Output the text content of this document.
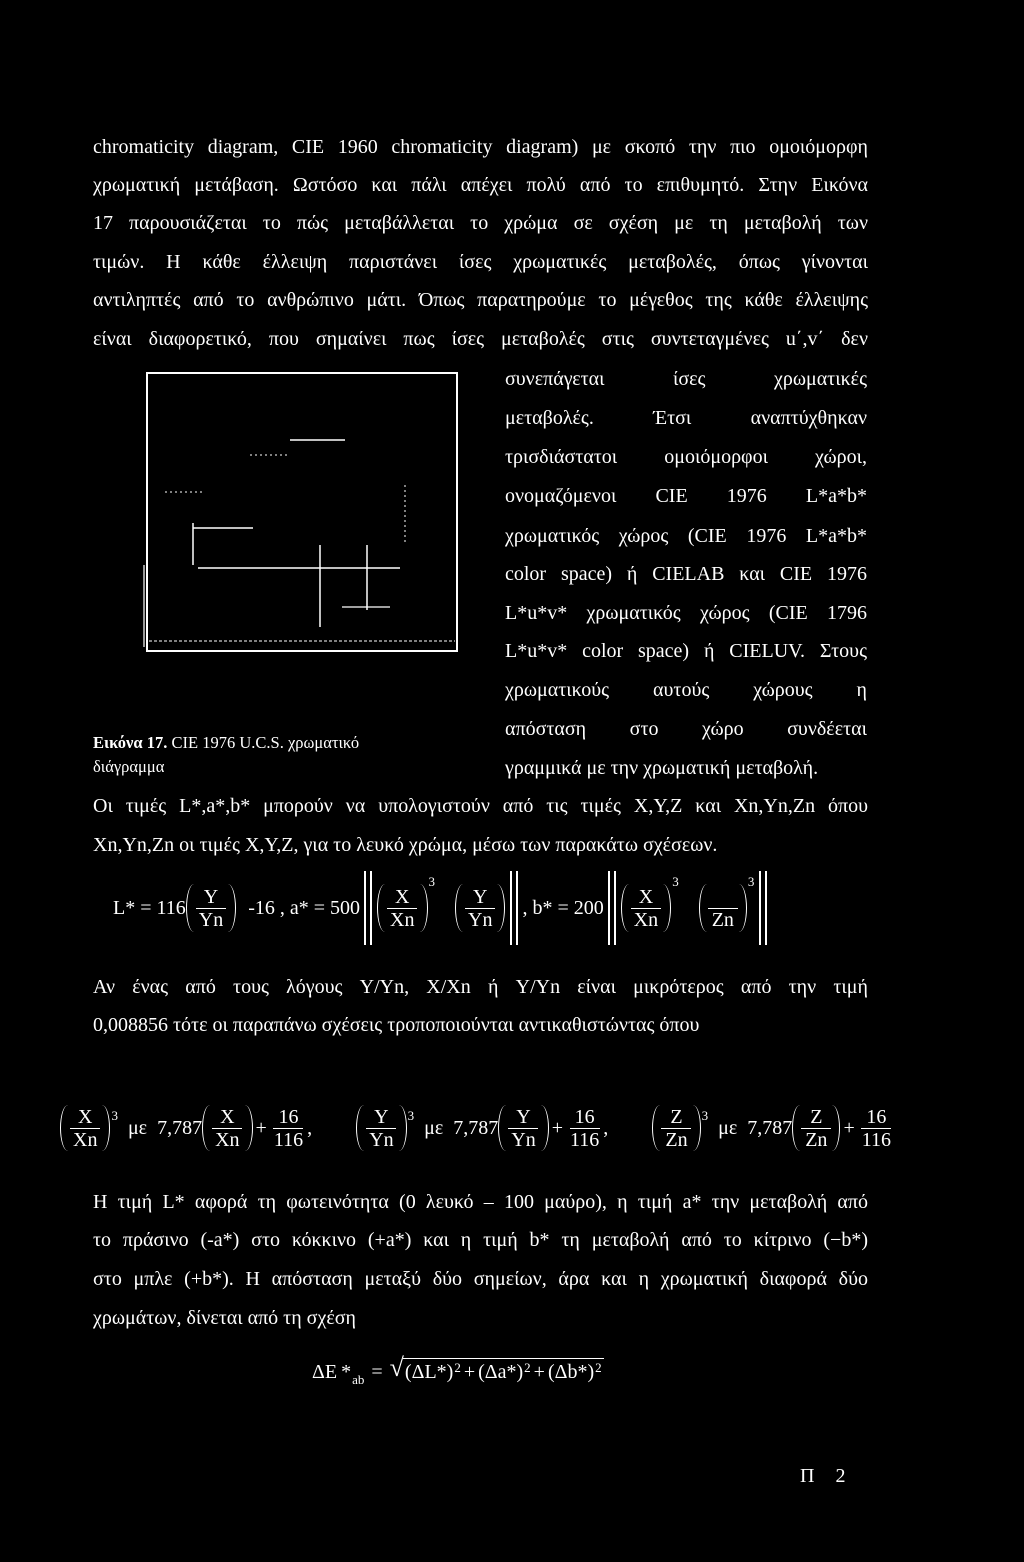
chromaticity diagram, CIE 1960 chromaticity diagram) με σκοπό την πιο ομοιόμορφη
χρωματική μετάβαση. Ωστόσο και πάλι απέχει πολύ από το επιθυμητό. Στην Εικόνα
17 παρουσιάζεται το πώς μεταβάλλεται το χρώμα σε σχέση με τη μεταβολή των
τιμών. Η κάθε έλλειψη παριστάνει ίσες χρωματικές μεταβολές, όπως γίνονται
αντιληπτές από το ανθρώπινο μάτι. Όπως παρατηρούμε το μέγεθος της κάθε έλλειψης
είναι διαφορετικό, που σημαίνει πως ίσες μεταβολές στις συντεταγμένες u΄,v΄ δεν
συνεπάγεται ίσες χρωματικές
μεταβολές. Έτσι αναπτύχθηκαν
τρισδιάστατοι ομοιόμορφοι χώροι,
ονομαζόμενοι CIE 1976 L*a*b*
χρωματικός χώρος (CIE 1976 L*a*b*
color space) ή CIELAB και CIE 1976
L*u*v* χρωματικός χώρος (CIE 1796
L*u*v* color space) ή CIELUV. Στους
χρωματικούς αυτούς χώρους η
απόσταση στο χώρο συνδέεται
γραμμικά με την χρωματική μεταβολή.
Εικόνα 17. CIE 1976 U.C.S. χρωματικό
διάγραμμα
Οι τιμές L*,a*,b* μπορούν να υπολογιστούν από τις τιμές X,Y,Z και Xn,Yn,Zn όπου
Xn,Yn,Zn οι τιμές X,Y,Z, για το λευκό χρώμα, μέσω των παρακάτω σχέσεων.
$L* = 116 \frac{Y}{Yn} -16$ , $a* = 500 \frac{X}{Xn}$
3
$\frac{Y}{Yn}$ , $b* = 200 \frac{X}{Xn}$
3
Zn
3
Αν ένας από τους λόγους Y/Yn, X/Xn ή Y/Yn είναι μικρότερος από την τιμή
0,008856 τότε οι παραπάνω σχέσεις τροποποιούνται αντικαθιστώντας όπου
$\frac{X}{Xn} 3$
με $7,787 \frac{X}{Xn} + \frac{16}{116}$ ,	$\frac{Y}{Yn} 3$
με $7,787 \frac{Y}{Yn} + \frac{16}{116}$ ,	$\frac{Z}{Zn} 3$
με $7,787 \frac{Z}{Zn} + \frac{16}{116}$
Η τιμή L* αφορά τη φωτεινότητα (0 λευκό – 100 μαύρο), η τιμή a* την μεταβολή από
το πράσινο (-a*) στο κόκκινο (+a*) και η τιμή b* τη μεταβολή από το κίτρινο (−b*)
στο μπλε (+b*). Η απόσταση μεταξύ δύο σημείων, άρα και η χρωματική διαφορά δύο
χρωμάτων, δίνεται από τη σχέση
ΔE * ab = √ (ΔL*) 2 + (Δa*) 2 + (Δb*) 2
Π 2
